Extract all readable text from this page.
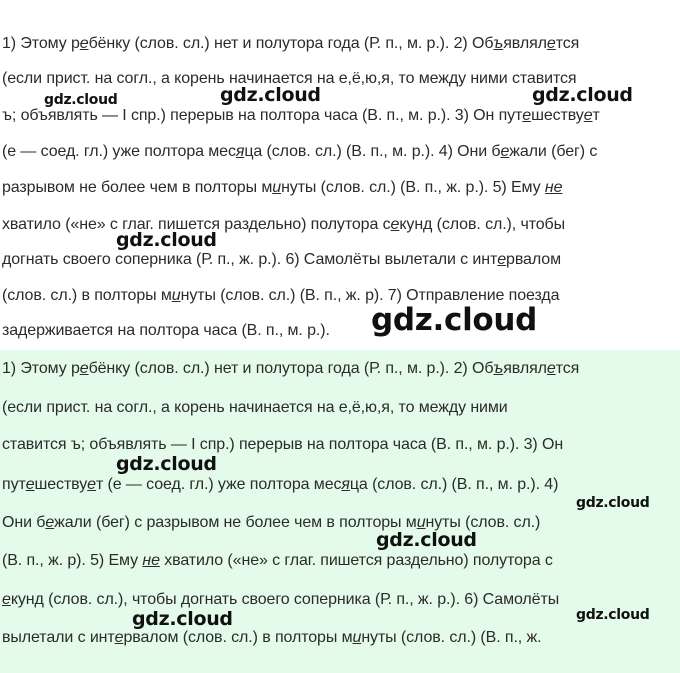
1) Этому ребёнку (слов. сл.) нет и полутора года (Р. п., м. р.). 2) Объявлялется
(если прист. на согл., а корень начинается на е,ё,ю,я, то между ними ставится
ъ; объявлять — I спр.) перерыв на полтора часа (В. п., м. р.). 3) Он путешествует
(е — соед. гл.) уже полтора месяца (слов. сл.) (В. п., м. р.). 4) Они бежали (бег) с
разрывом не более чем в полторы минуты (слов. сл.) (В. п., ж. р.). 5) Ему не
хватило («не» с глаг. пишется раздельно) полутора секунд (слов. сл.), чтобы
догнать своего соперника (Р. п., ж. р.). 6) Самолёты вылетали с интервалом
(слов. сл.) в полторы минуты (слов. сл.) (В. п., ж. р). 7) Отправление поезда
задерживается на полтора часа (В. п., м. р.).
1) Этому ребёнку (слов. сл.) нет и полутора года (Р. п., м. р.). 2) Объявлялется
(если прист. на согл., а корень начинается на е,ё,ю,я, то между ними
ставится ъ; объявлять — I спр.) перерыв на полтора часа (В. п., м. р.). 3) Он
путешествует (е — соед. гл.) уже полтора месяца (слов. сл.) (В. п., м. р.). 4)
Они бежали (бег) с разрывом не более чем в полторы минуты (слов. сл.)
(В. п., ж. р). 5) Ему не хватило («не» с глаг. пишется раздельно) полутора с
екунд (слов. сл.), чтобы догнать своего соперника (Р. п., ж. р.). 6) Самолёты
вылетали с интервалом (слов. сл.) в полторы минуты (слов. сл.) (В. п., ж.
gdz.cloud	gdz.cloud	gdz.cloud
gdz.cloud
gdz.cloud
gdz.cloud
gdz.cloud
gdz.cloud
gdz.cloud	gdz.cloud
